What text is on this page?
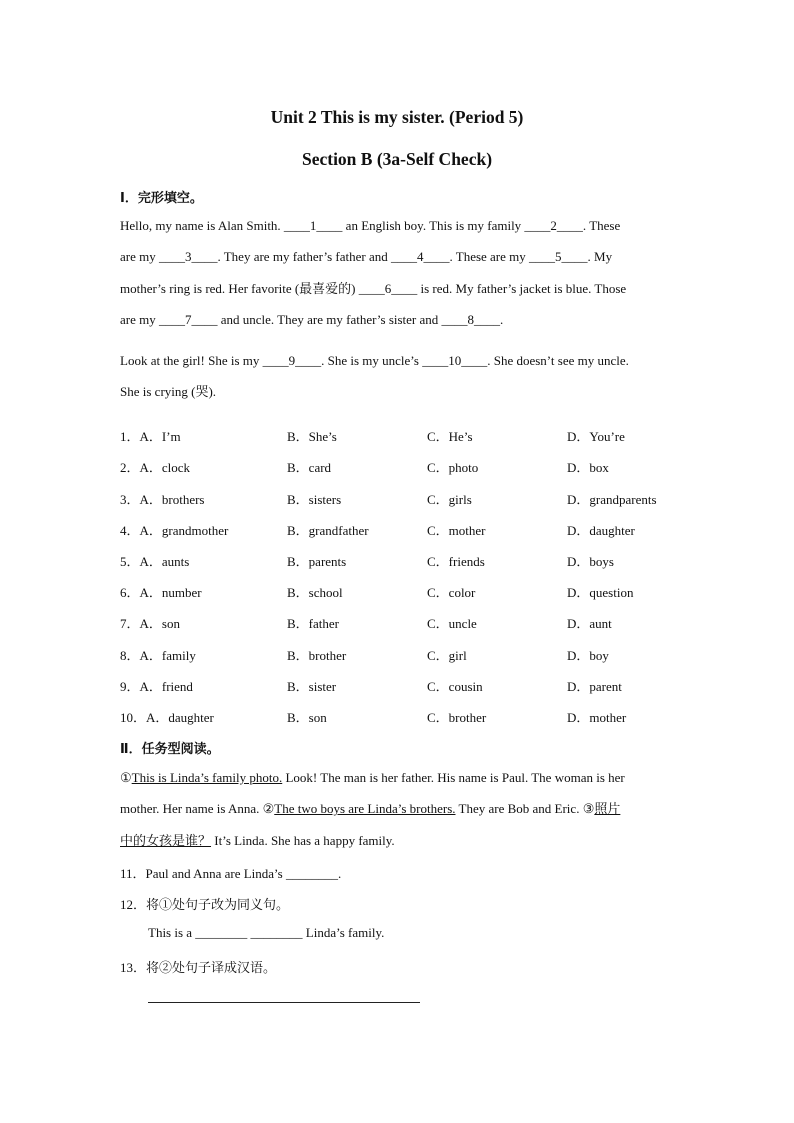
Unit 2 This is my sister. (Period 5)
Section B (3a-Self Check)
Ⅰ．完形填空。
Hello, my name is Alan Smith. ____1____ an English boy. This is my family ____2____. These
are my ____3____. They are my father’s father and ____4____. These are my ____5____. My
mother’s ring is red. Her favorite (最喜爱的) ____6____ is red. My father’s jacket is blue. Those
are my ____7____ and uncle. They are my father’s sister and ____8____.
Look at the girl! She is my ____9____. She is my uncle’s ____10____. She doesn’t see my uncle.
She is crying (哭).
1．A．I’m	B．She’s	C．He’s	D．You’re
2．A．clock	B．card	C．photo	D．box
3．A．brothers	B．sisters	C．girls	D．grandparents
4．A．grandmother	B．grandfather	C．mother	D．daughter
5．A．aunts	B．parents	C．friends	D．boys
6．A．number	B．school	C．color	D．question
7．A．son	B．father	C．uncle	D．aunt
8．A．family	B．brother	C．girl	D．boy
9．A．friend	B．sister	C．cousin	D．parent
10．A．daughter	B．son	C．brother	D．mother
Ⅱ．任务型阅读。
①This is Linda’s family photo. Look! The man is her father. His name is Paul. The woman is her
mother. Her name is Anna. ②The two boys are Linda’s brothers. They are Bob and Eric. ③照片
中的女孩是谁？ It’s Linda. She has a happy family.
11．Paul and Anna are Linda’s ________.
12．将①处句子改为同义句。
This is a ________ ________ Linda’s family.
13．将②处句子译成汉语。
